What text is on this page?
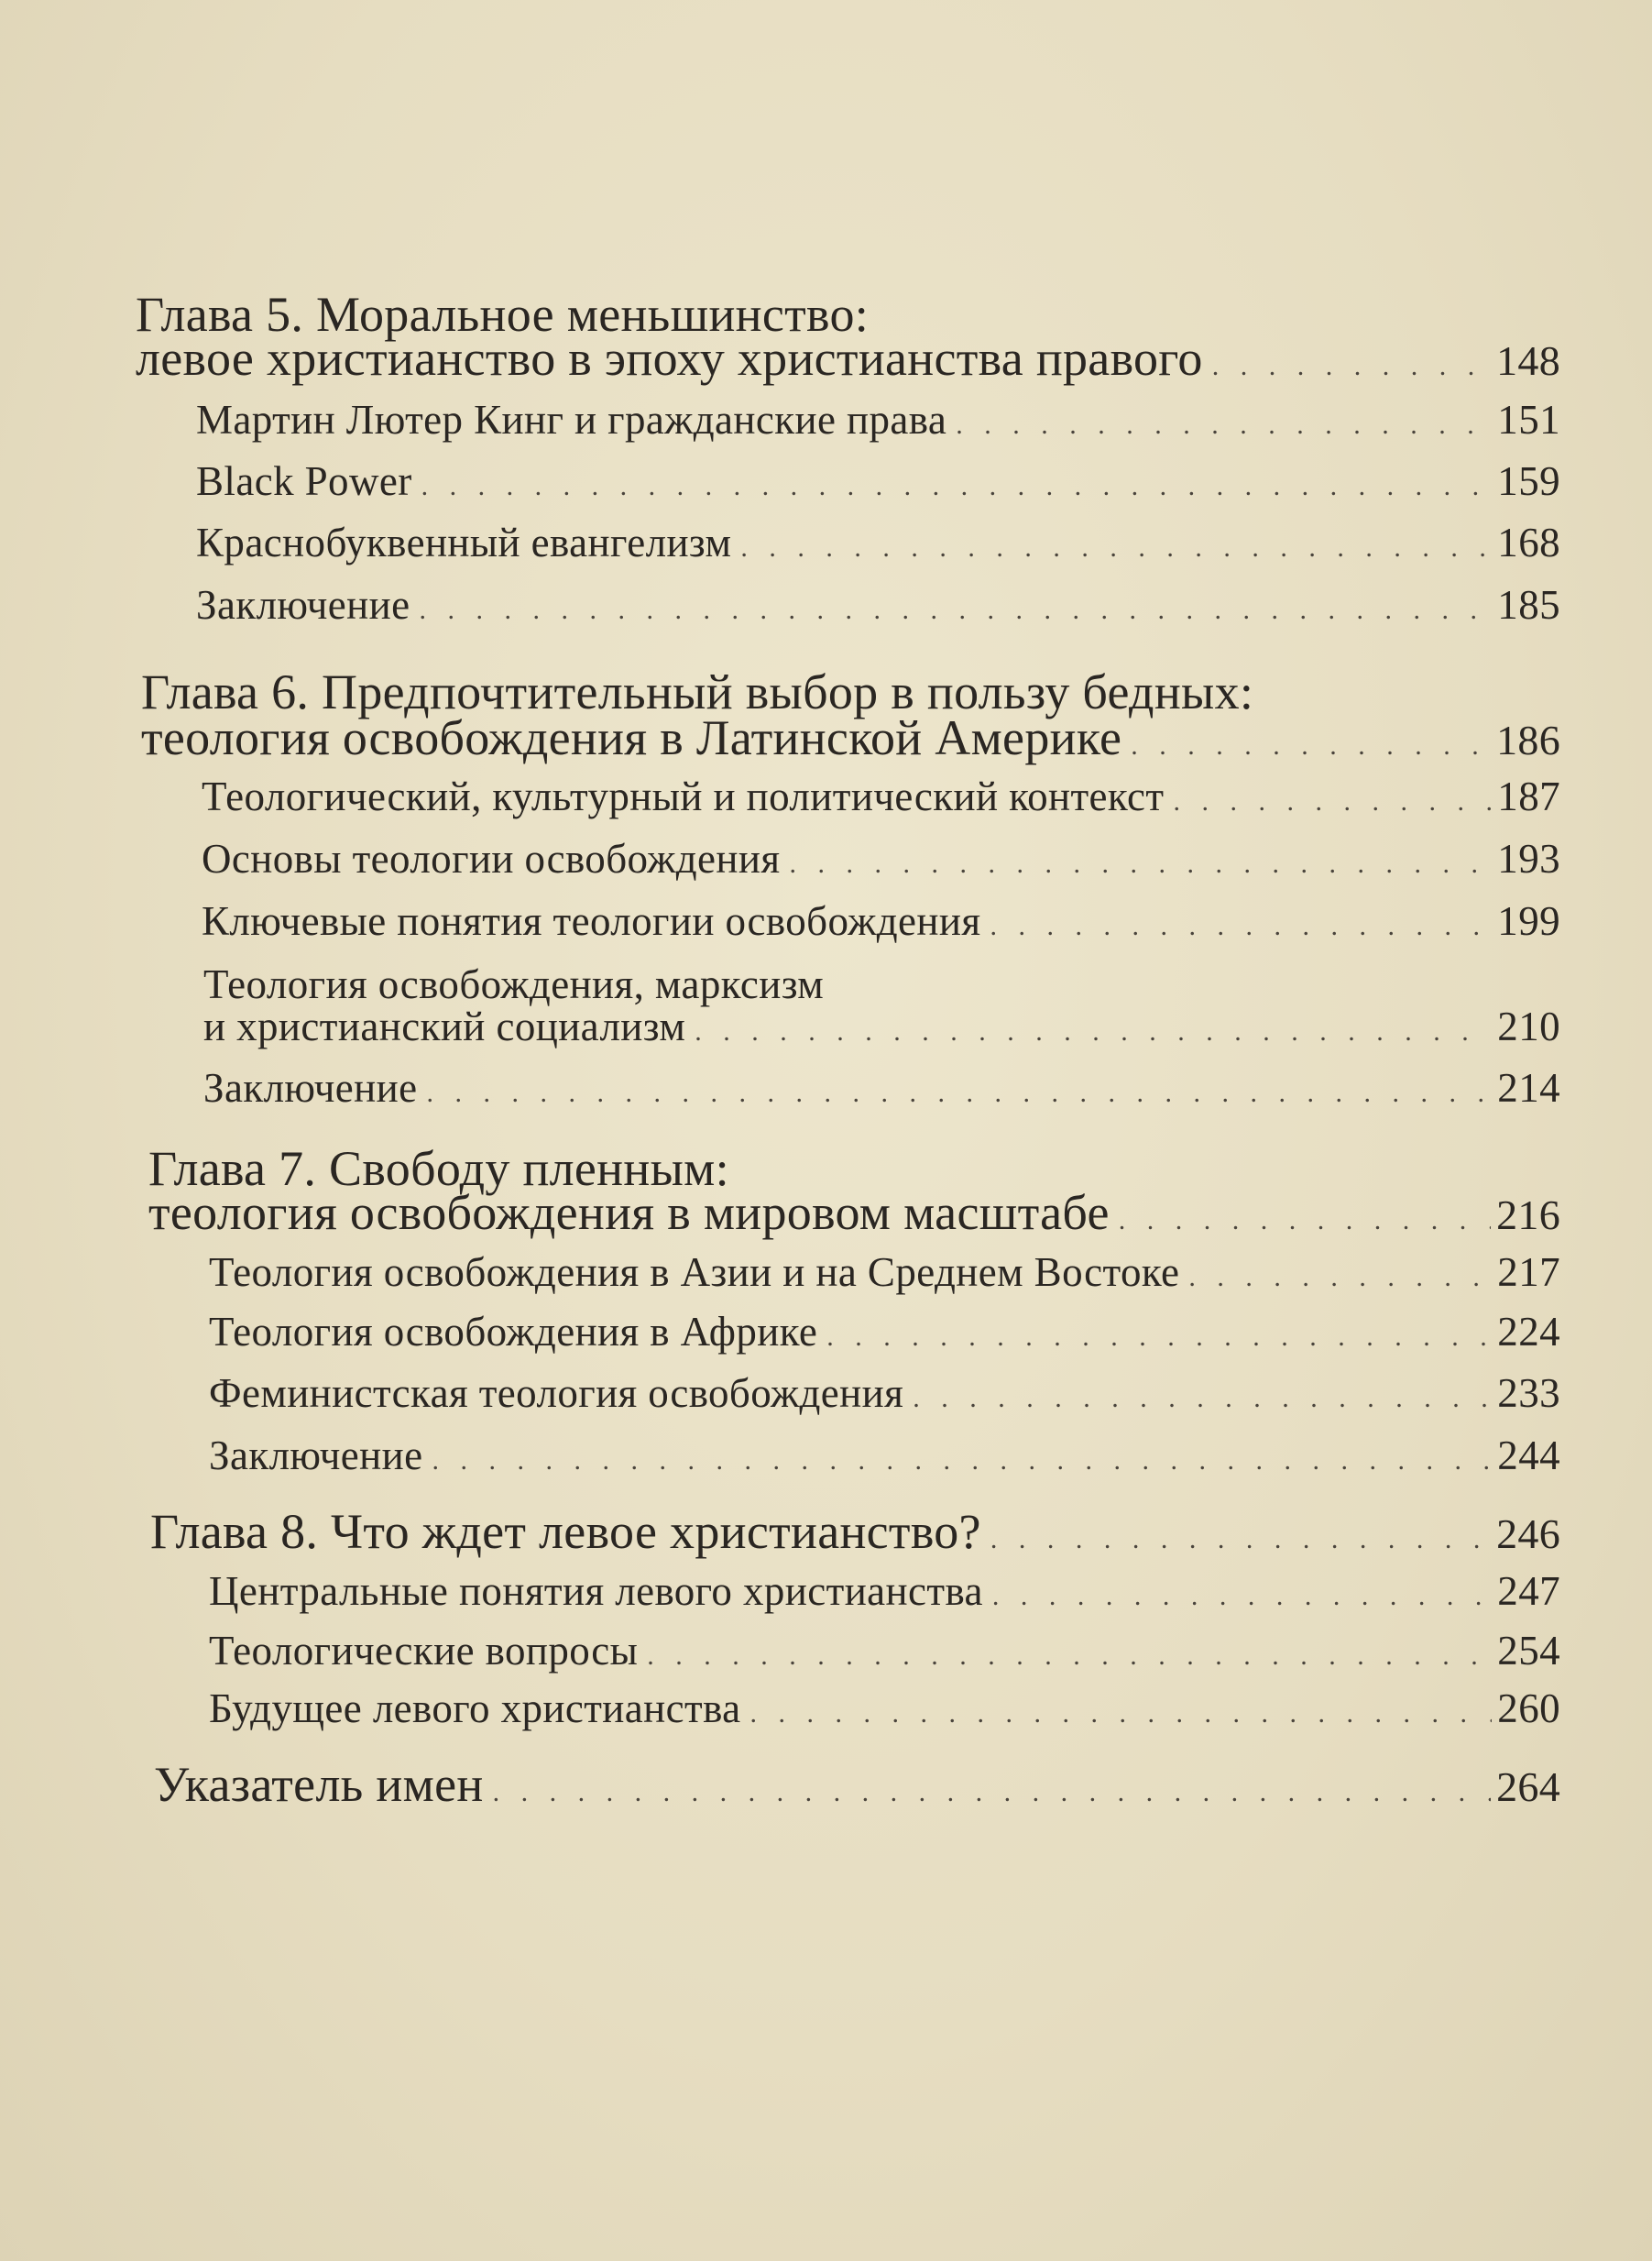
Глава 5. Моральное меньшинство:
левое христианство в эпоху христианства правого . . .	148
Мартин Лютер Кинг и гражданские права . . .	151
Black Power . . .	159
Краснобуквенный евангелизм . . .	168
Заключение . . .	185
Глава 6. Предпочтительный выбор в пользу бедных:
теология освобождения в Латинской Америке . . .	186
Теологический, культурный и политический контекст . . .	187
Основы теологии освобождения . . .	193
Ключевые понятия теологии освобождения . . .	199
Теология освобождения, марксизм
и христианский социализм . . .	210
Заключение . . .	214
Глава 7. Свободу пленным:
теология освобождения в мировом масштабе . . .	216
Теология освобождения в Азии и на Среднем Востоке . . .	217
Теология освобождения в Африке . . .	224
Феминистская теология освобождения . . .	233
Заключение . . .	244
Глава 8. Что ждет левое христианство? . . .	246
Центральные понятия левого христианства . . .	247
Теологические вопросы . . .	254
Будущее левого христианства . . .	260
Указатель имен . . .	264
